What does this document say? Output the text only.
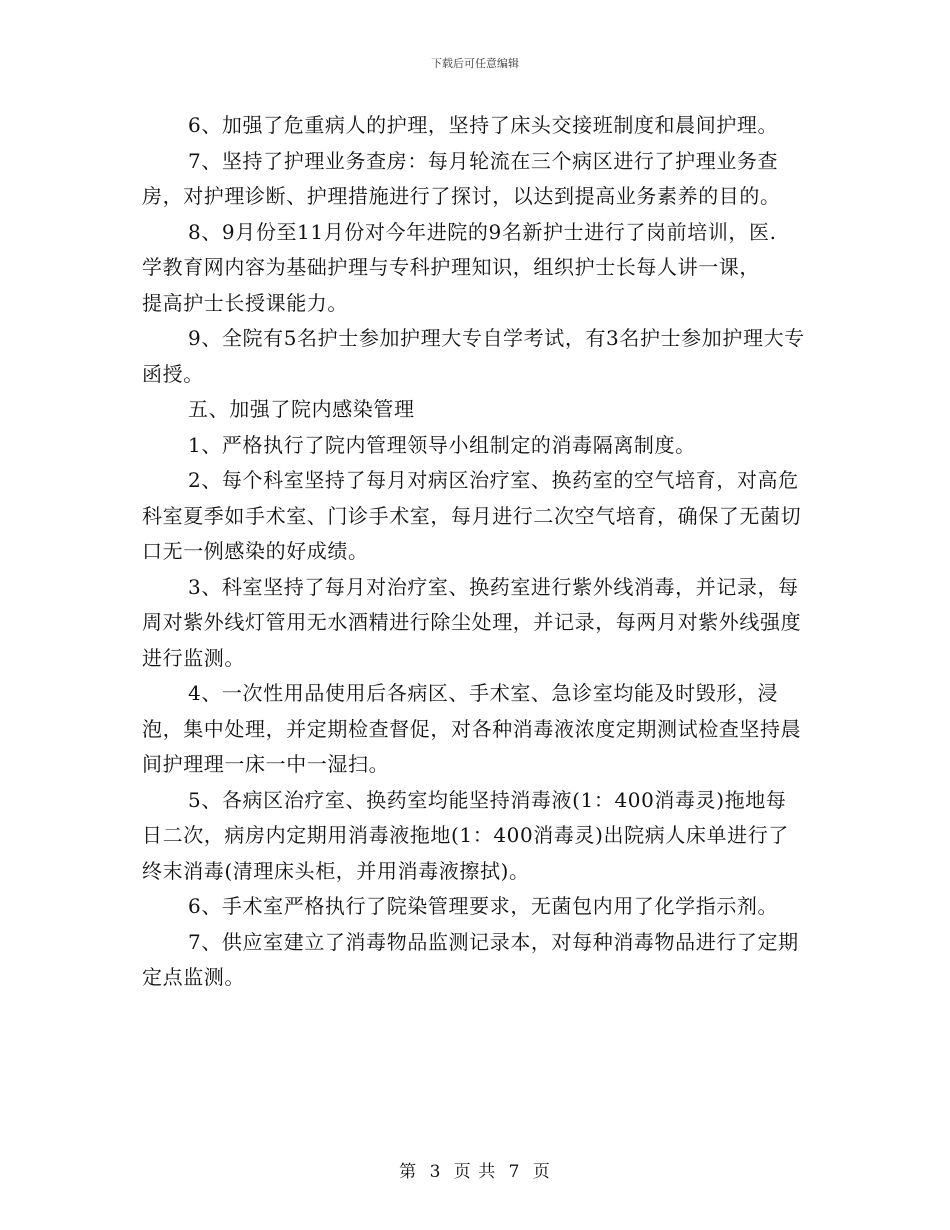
下载后可任意编辑

6、加强了危重病人的护理，坚持了床头交接班制度和晨间护理。

7、坚持了护理业务查房：每月轮流在三个病区进行了护理业务查房，对护理诊断、护理措施进行了探讨，以达到提高业务素养的目的。

8、9月份至11月份对今年进院的9名新护士进行了岗前培训，医.

学教育网内容为基础护理与专科护理知识，组织护士长每人讲一课，

提高护士长授课能力。

9、全院有5名护士参加护理大专自学考试，有3名护士参加护理大专函授。

五、加强了院内感染管理

1、严格执行了院内管理领导小组制定的消毒隔离制度。

2、每个科室坚持了每月对病区治疗室、换药室的空气培育，对高危科室夏季如手术室、门诊手术室，每月进行二次空气培育，确保了无菌切口无一例感染的好成绩。

3、科室坚持了每月对治疗室、换药室进行紫外线消毒，并记录，每周对紫外线灯管用无水酒精进行除尘处理，并记录，每两月对紫外线强度进行监测。

4、一次性用品使用后各病区、手术室、急诊室均能及时毁形，浸泡，集中处理，并定期检查督促，对各种消毒液浓度定期测试检查坚持晨间护理理一床一中一湿扫。

5、各病区治疗室、换药室均能坚持消毒液(1：400消毒灵)拖地每日二次，病房内定期用消毒液拖地(1：400消毒灵)出院病人床单进行了终末消毒(清理床头柜，并用消毒液擦拭)。

6、手术室严格执行了院染管理要求，无菌包内用了化学指示剂。

7、供应室建立了消毒物品监测记录本，对每种消毒物品进行了定期定点监测。

第 3 页 共 7 页
